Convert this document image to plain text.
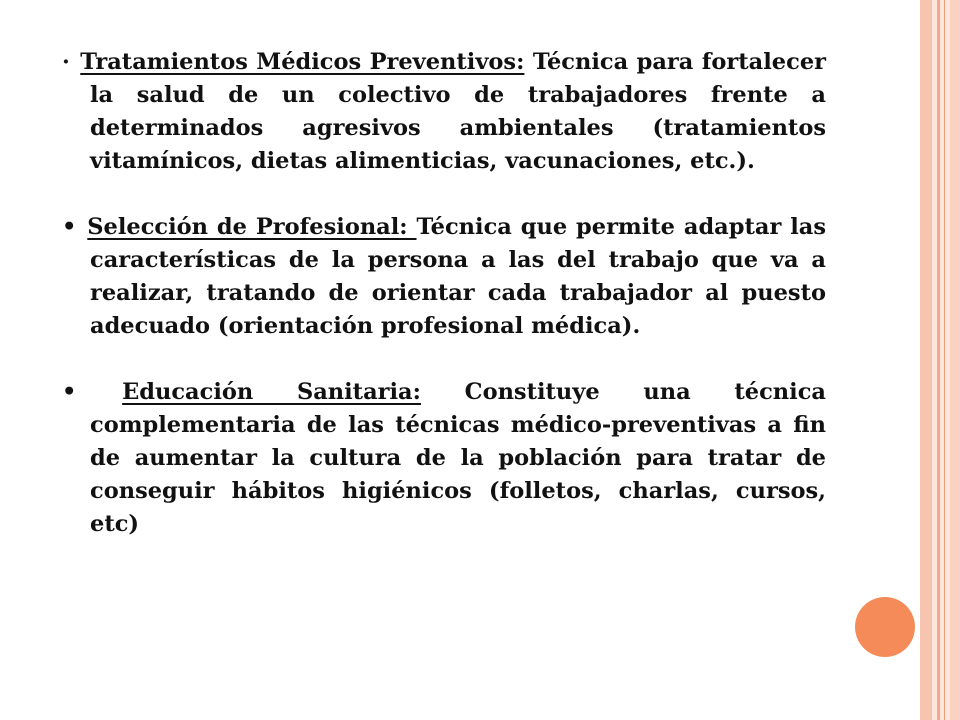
· Tratamientos Médicos Preventivos: Técnica para fortalecer la salud de un colectivo de trabajadores frente a determinados agresivos ambientales (tratamientos vitamínicos, dietas alimenticias, vacunaciones, etc.).

• Selección de Profesional: Técnica que permite adaptar las características de la persona a las del trabajo que va a realizar, tratando de orientar cada trabajador al puesto adecuado (orientación profesional médica).

• Educación Sanitaria: Constituye una técnica complementaria de las técnicas médico-preventivas a fin de aumentar la cultura de la población para tratar de conseguir hábitos higiénicos (folletos, charlas, cursos, etc)
